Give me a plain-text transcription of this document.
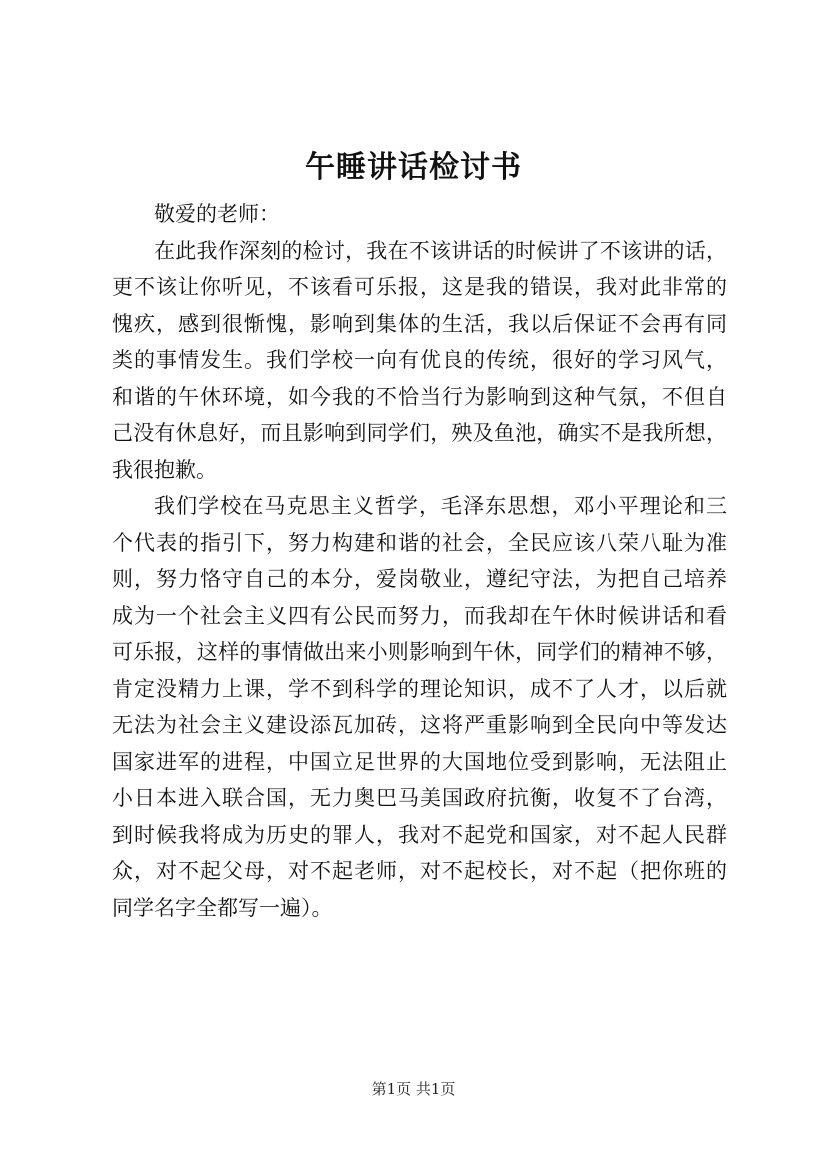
午睡讲话检讨书
敬爱的老师：
在此我作深刻的检讨，我在不该讲话的时候讲了不该讲的话，
更不该让你听见，不该看可乐报，这是我的错误，我对此非常的
愧疚，感到很惭愧，影响到集体的生活，我以后保证不会再有同
类的事情发生。我们学校一向有优良的传统，很好的学习风气，
和谐的午休环境，如今我的不恰当行为影响到这种气氛，不但自
己没有休息好，而且影响到同学们，殃及鱼池，确实不是我所想，
我很抱歉。
我们学校在马克思主义哲学，毛泽东思想，邓小平理论和三
个代表的指引下，努力构建和谐的社会，全民应该八荣八耻为准
则，努力恪守自己的本分，爱岗敬业，遵纪守法，为把自己培养
成为一个社会主义四有公民而努力，而我却在午休时候讲话和看
可乐报，这样的事情做出来小则影响到午休，同学们的精神不够，
肯定没精力上课，学不到科学的理论知识，成不了人才，以后就
无法为社会主义建设添瓦加砖，这将严重影响到全民向中等发达
国家进军的进程，中国立足世界的大国地位受到影响，无法阻止
小日本进入联合国，无力奥巴马美国政府抗衡，收复不了台湾，
到时候我将成为历史的罪人，我对不起党和国家，对不起人民群
众，对不起父母，对不起老师，对不起校长，对不起（把你班的
同学名字全都写一遍）。
第1页 共1页
